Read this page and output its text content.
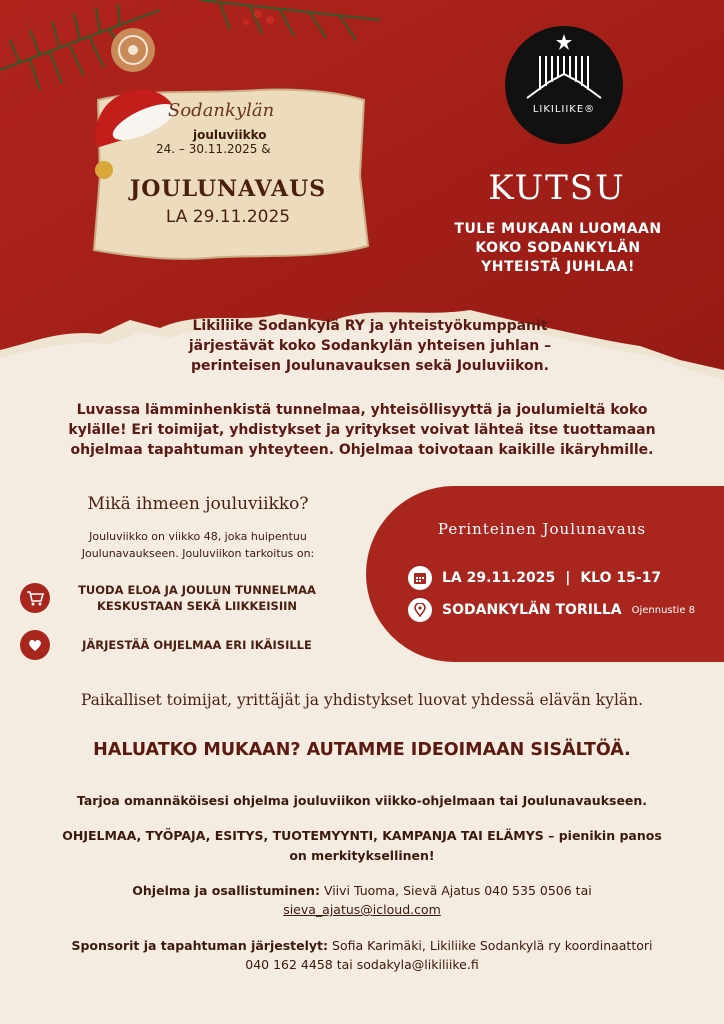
Sodankylän
jouluviikko
24. – 30.11.2025 &
JOULUNAVAUS
LA 29.11.2025
LIKILIIKE®
KUTSU
TULE MUKAAN LUOMAAN
KOKO SODANKYLÄN
YHTEISTÄ JUHLAA!
Likiliike Sodankylä RY ja yhteistyökumppanit
järjestävät koko Sodankylän yhteisen juhlan –
perinteisen Joulunavauksen sekä Jouluviikon.
Luvassa lämminhenkistä tunnelmaa, yhteisöllisyyttä ja joulumieltä koko
kylälle! Eri toimijat, yhdistykset ja yritykset voivat lähteä itse tuottamaan
ohjelmaa tapahtuman yhteyteen. Ohjelmaa toivotaan kaikille ikäryhmille.
Mikä ihmeen jouluviikko?
Jouluviikko on viikko 48, joka huipentuu
Joulunavaukseen. Jouluviikon tarkoitus on:
TUODA ELOA JA JOULUN TUNNELMAA
KESKUSTAAN SEKÄ LIIKKEISIIN
JÄRJESTÄÄ OHJELMAA ERI IKÄISILLE
Perinteinen Joulunavaus
LA 29.11.2025 | KLO 15-17
SODANKYLÄN TORILLA Ojennustie 8
Paikalliset toimijat, yrittäjät ja yhdistykset luovat yhdessä elävän kylän.
HALUATKO MUKAAN? AUTAMME IDEOIMAAN SISÄLTÖÄ.
Tarjoa omannäköisesi ohjelma jouluviikon viikko-ohjelmaan tai Joulunavaukseen.
OHJELMAA, TYÖPAJA, ESITYS, TUOTEMYYNTI, KAMPANJA TAI ELÄMYS – pienikin panos
on merkityksellinen!
Ohjelma ja osallistuminen: Viivi Tuoma, Sievä Ajatus 040 535 0506 tai
sieva_ajatus@icloud.com
Sponsorit ja tapahtuman järjestelyt: Sofia Karimäki, Likiliike Sodankylä ry koordinaattori
040 162 4458 tai sodakyla@likiliike.fi
